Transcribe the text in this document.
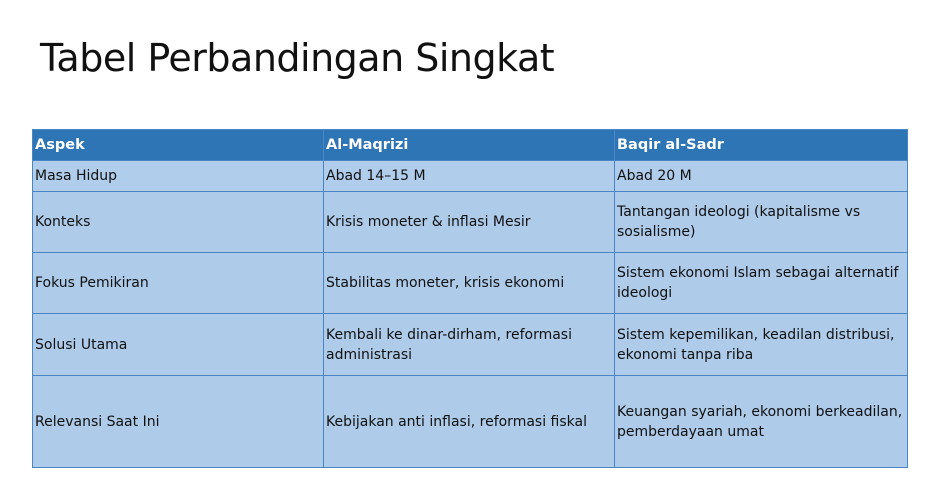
Tabel Perbandingan Singkat
Aspek	Al-Maqrizi	Baqir al-Sadr
Masa Hidup	Abad 14–15 M	Abad 20 M
Konteks	Krisis moneter & inflasi Mesir	Tantangan ideologi (kapitalisme vs sosialisme)
Fokus Pemikiran	Stabilitas moneter, krisis ekonomi	Sistem ekonomi Islam sebagai alternatif ideologi
Solusi Utama	Kembali ke dinar-dirham, reformasi administrasi	Sistem kepemilikan, keadilan distribusi, ekonomi tanpa riba
Relevansi Saat Ini	Kebijakan anti inflasi, reformasi fiskal	Keuangan syariah, ekonomi berkeadilan, pemberdayaan umat
